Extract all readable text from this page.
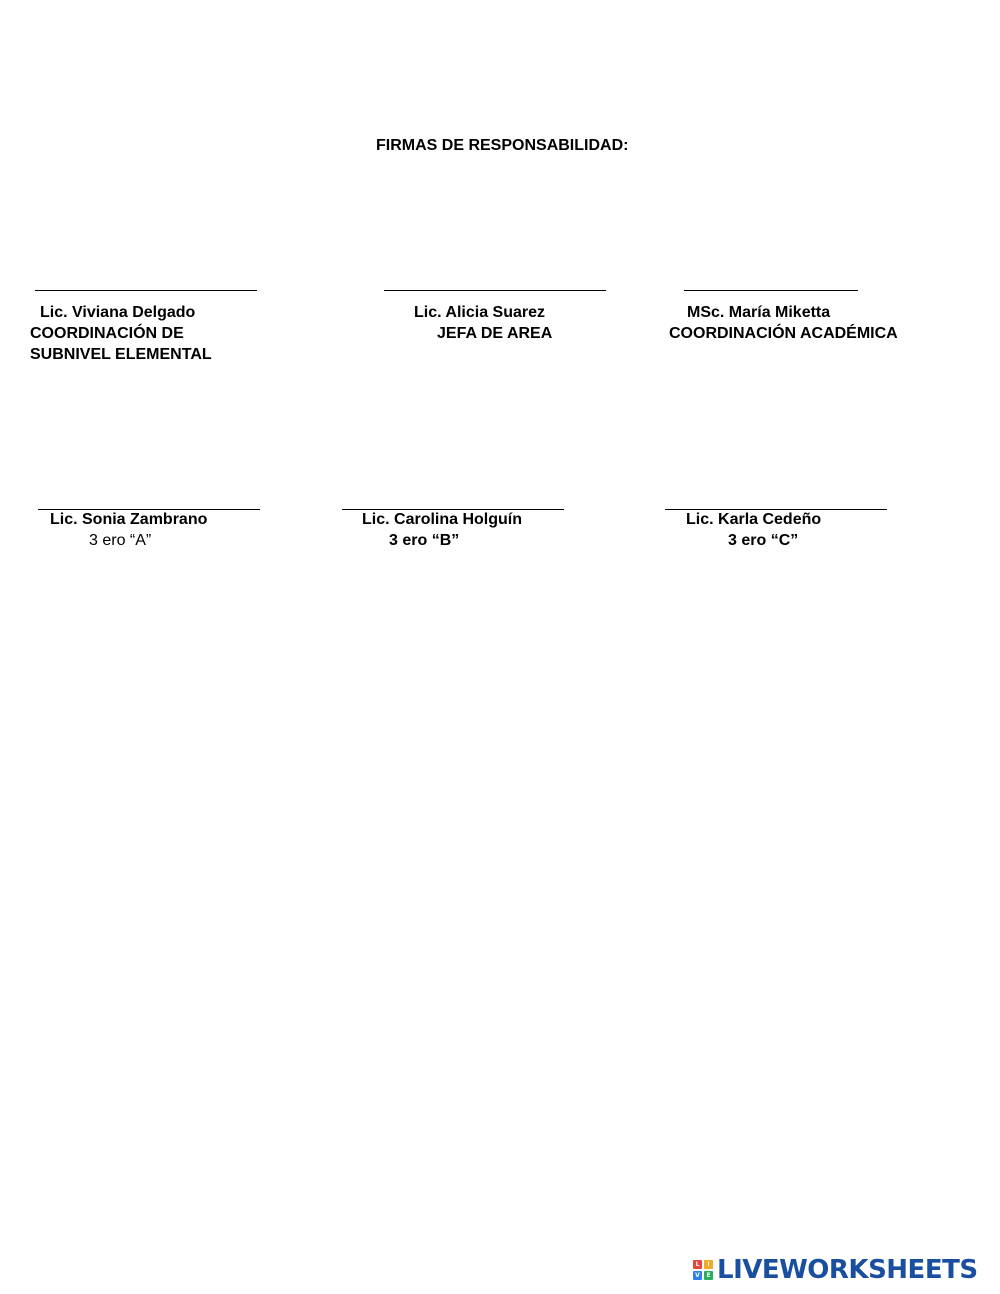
FIRMAS DE RESPONSABILIDAD:
Lic. Viviana Delgado
COORDINACIÓN DE
SUBNIVEL ELEMENTAL
Lic. Alicia Suarez
JEFA DE AREA
MSc. María Miketta
COORDINACIÓN ACADÉMICA
Lic. Sonia Zambrano
3 ero “A”
Lic. Carolina Holguín
3 ero “B”
Lic. Karla Cedeño
3 ero “C”
L	I
V	E LIVEWORKSHEETS
